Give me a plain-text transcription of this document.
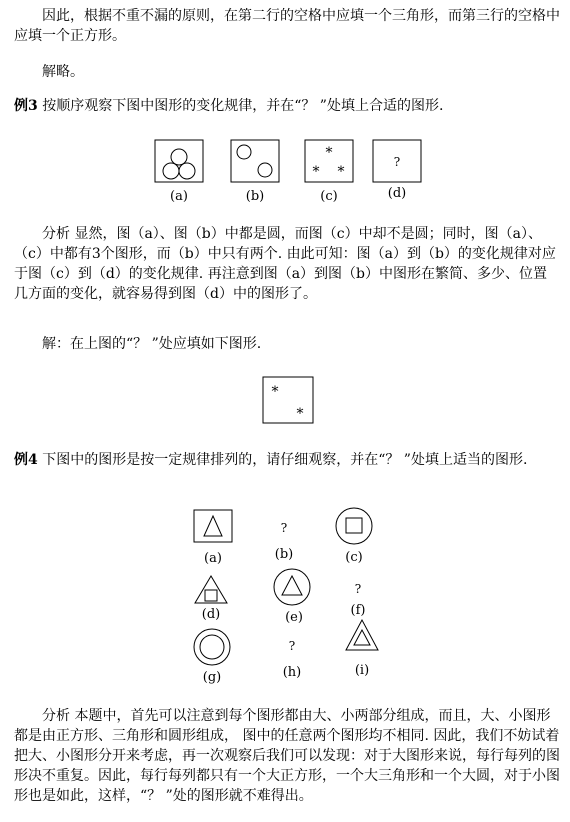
　　因此，根据不重不漏的原则，在第二行的空格中应填一个三角形，而第三行的空格中应填一个正方形。

　　解略。

例3 按顺序观察下图中图形的变化规律，并在“？ ”处填上合适的图形.

(a)	(b)
*
* *
(c)
?
(d)

　　分析 显然，图（a）、图（b）中都是圆，而图（c）中却不是圆；同时，图（a）、（c）中都有3个图形，而（b）中只有两个. 由此可知：图（a）到（b）的变化规律对应于图（c）到（d）的变化规律. 再注意到图（a）到图（b）中图形在繁简、多少、位置几方面的变化，就容易得到图（d）中的图形了。

　　解：在上图的“？ ”处应填如下图形.

*
*

例4 下图中的图形是按一定规律排列的，请仔细观察，并在“？ ”处填上适当的图形.

(a)
?
(b)	(c)
(d)	(e)
?
(f)
(g)
?
(h)	(i)

　　分析 本题中，首先可以注意到每个图形都由大、小两部分组成，而且，大、小图形都是由正方形、三角形和圆形组成， 图中的任意两个图形均不相同. 因此，我们不妨试着把大、小图形分开来考虑，再一次观察后我们可以发现：对于大图形来说，每行每列的图形决不重复。因此，每行每列都只有一个大正方形，一个大三角形和一个大圆，对于小图形也是如此，这样，“？ ”处的图形就不难得出。
